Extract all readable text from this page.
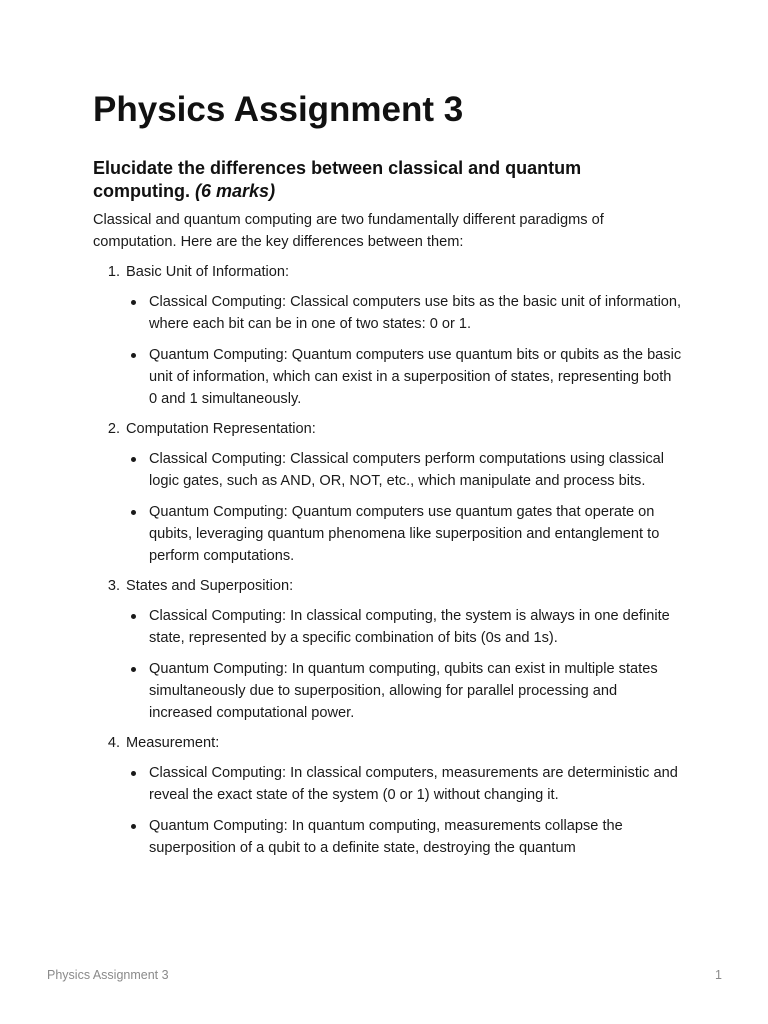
Physics Assignment 3
Elucidate the differences between classical and quantum computing. (6 marks)

Classical and quantum computing are two fundamentally different paradigms of computation. Here are the key differences between them:

1. Basic Unit of Information:
Classical Computing: Classical computers use bits as the basic unit of information, where each bit can be in one of two states: 0 or 1.
Quantum Computing: Quantum computers use quantum bits or qubits as the basic unit of information, which can exist in a superposition of states, representing both 0 and 1 simultaneously.
2. Computation Representation:
Classical Computing: Classical computers perform computations using classical logic gates, such as AND, OR, NOT, etc., which manipulate and process bits.
Quantum Computing: Quantum computers use quantum gates that operate on qubits, leveraging quantum phenomena like superposition and entanglement to perform computations.
3. States and Superposition:
Classical Computing: In classical computing, the system is always in one definite state, represented by a specific combination of bits (0s and 1s).
Quantum Computing: In quantum computing, qubits can exist in multiple states simultaneously due to superposition, allowing for parallel processing and increased computational power.
4. Measurement:
Classical Computing: In classical computers, measurements are deterministic and reveal the exact state of the system (0 or 1) without changing it.
Quantum Computing: In quantum computing, measurements collapse the superposition of a qubit to a definite state, destroying the quantum
Physics Assignment 3	1
